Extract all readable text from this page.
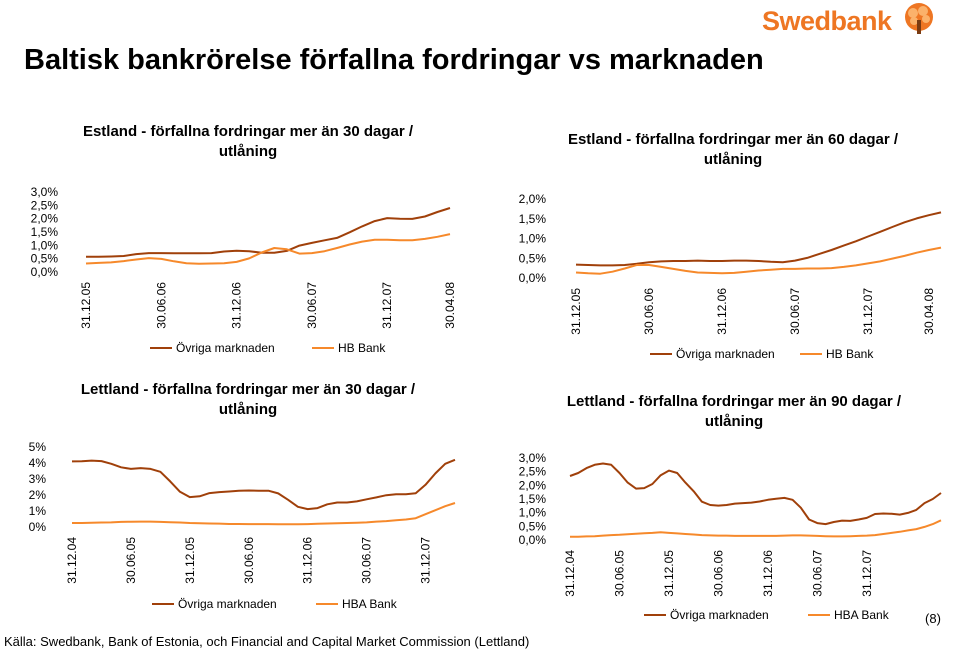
Baltisk bankrörelse förfallna fordringar vs marknaden
Swedbank
Estland - förfallna fordringar mer än 30 dagar /
utlåning
0,0%
0,5%
1,0%
1,5%
2,0%
2,5%
3,0%
31.12.05	30.06.06	31.12.06	30.06.07	31.12.07	30.04.08
Övriga marknaden	HB Bank
Estland - förfallna fordringar mer än 60 dagar /
utlåning
0,0%
0,5%
1,0%
1,5%
2,0%
31.12.05	30.06.06	31.12.06	30.06.07	31.12.07	30.04.08
Övriga marknaden	HB Bank
Lettland - förfallna fordringar mer än 30 dagar /
utlåning
0%
1%
2%
3%
4%
5%
31.12.04	30.06.05	31.12.05	30.06.06	31.12.06	30.06.07	31.12.07
Övriga marknaden	HBA Bank
Lettland - förfallna fordringar mer än 90 dagar /
utlåning
0,0%
0,5%
1,0%
1,5%
2,0%
2,5%
3,0%
31.12.04	30.06.05	31.12.05	30.06.06	31.12.06	30.06.07	31.12.07
Övriga marknaden	HBA Bank
Källa: Swedbank, Bank of Estonia, och Financial and Capital Market Commission (Lettland)
(8)
